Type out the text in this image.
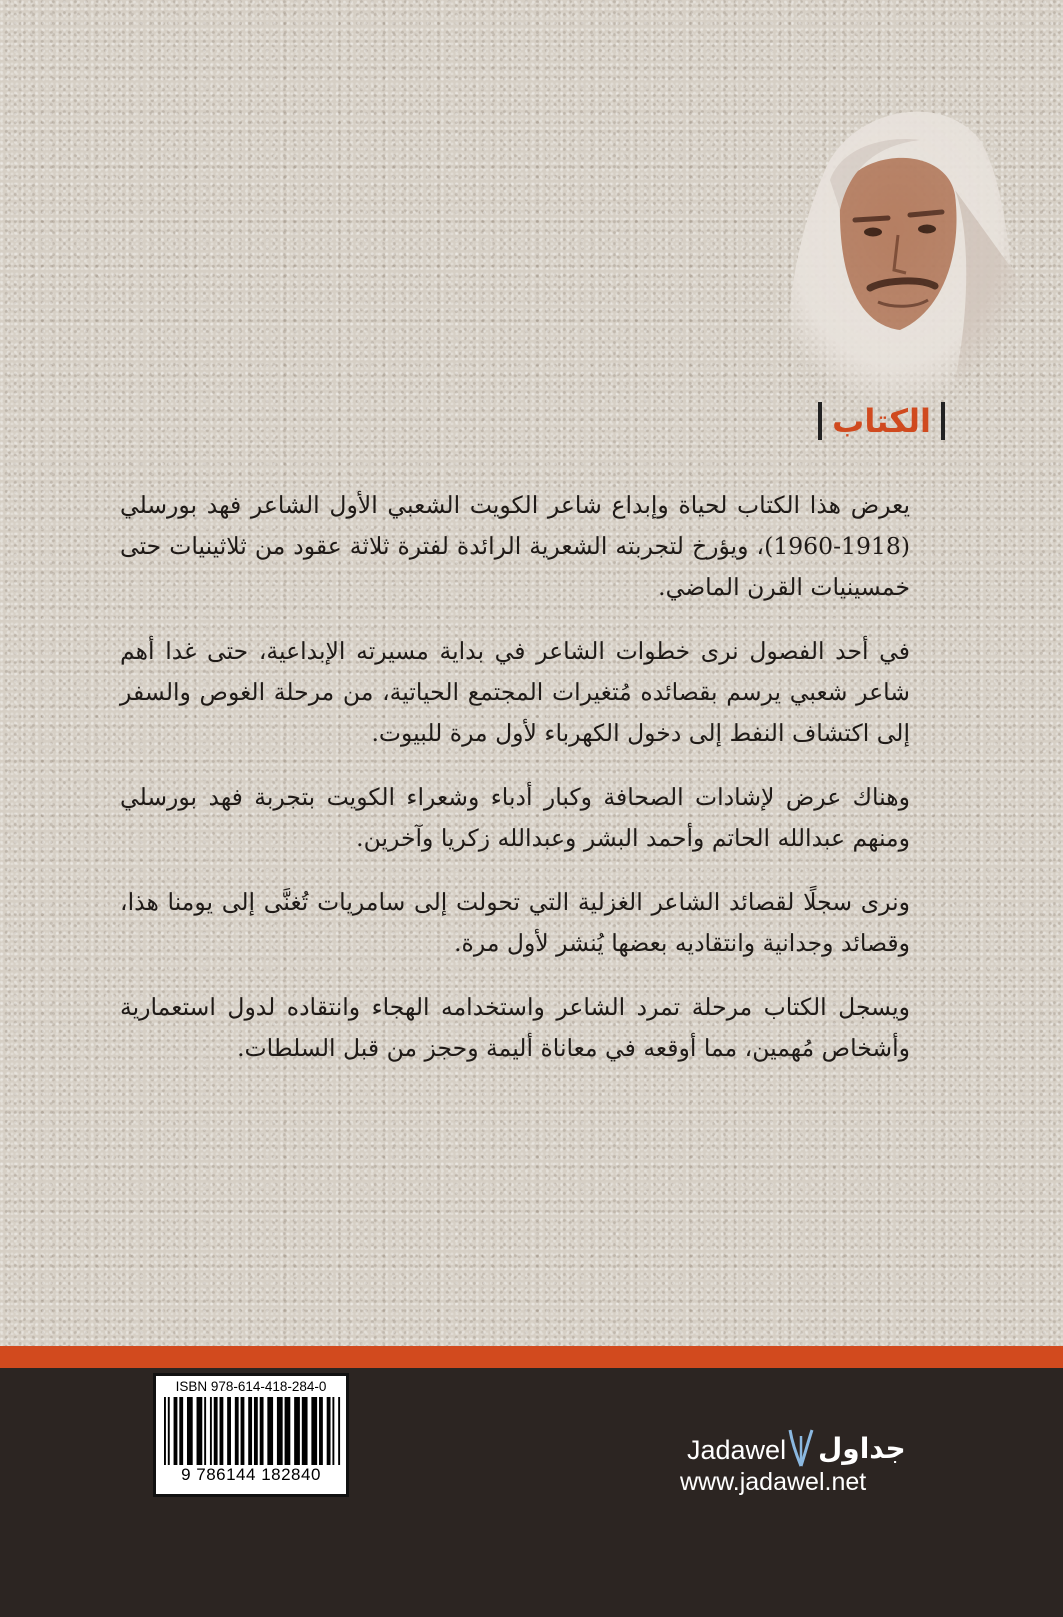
الكتاب

يعرض هذا الكتاب لحياة وإبداع شاعر الكويت الشعبي الأول الشاعر فهد بورسلي (1918-1960)، ويؤرخ لتجربته الشعرية الرائدة لفترة ثلاثة عقود من ثلاثينيات حتى خمسينيات القرن الماضي.

في أحد الفصول نرى خطوات الشاعر في بداية مسيرته الإبداعية، حتى غدا أهم شاعر شعبي يرسم بقصائده مُتغيرات المجتمع الحياتية، من مرحلة الغوص والسفر إلى اكتشاف النفط إلى دخول الكهرباء لأول مرة للبيوت.

وهناك عرض لإشادات الصحافة وكبار أدباء وشعراء الكويت بتجربة فهد بورسلي ومنهم عبدالله الحاتم وأحمد البشر وعبدالله زكريا وآخرين.

ونرى سجلًا لقصائد الشاعر الغزلية التي تحولت إلى سامريات تُغنَّى إلى يومنا هذا، وقصائد وجدانية وانتقاديه بعضها يُنشر لأول مرة.

ويسجل الكتاب مرحلة تمرد الشاعر واستخدامه الهجاء وانتقاده لدول استعمارية وأشخاص مُهمين، مما أوقعه في معاناة أليمة وحجز من قبل السلطات.

ISBN 978-614-418-284-0
9 786144 182840
Jadawel جداول
www.jadawel.net
